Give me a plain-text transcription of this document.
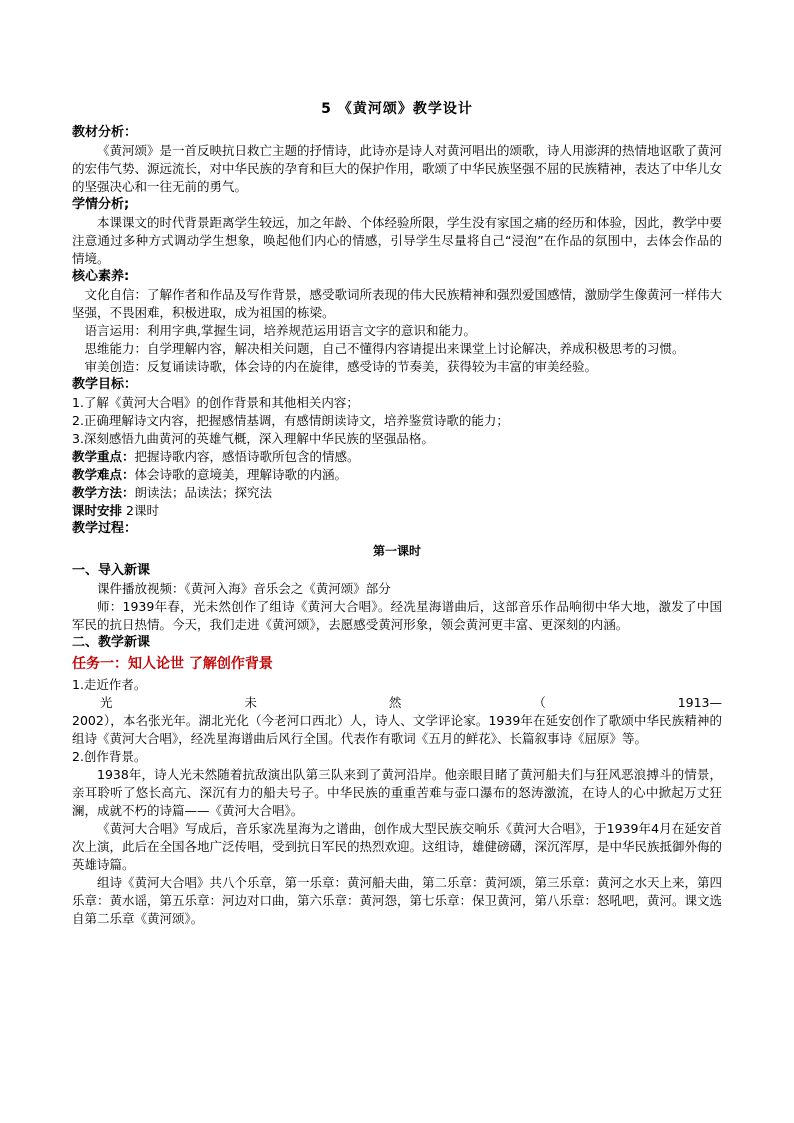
5 《黄河颂》教学设计

教材分析：

《黄河颂》是一首反映抗日救亡主题的抒情诗，此诗亦是诗人对黄河唱出的颂歌，诗人用澎湃的热情地讴歌了黄河的宏伟气势、源远流长，对中华民族的孕育和巨大的保护作用，歌颂了中华民族坚强不屈的民族精神，表达了中华儿女的坚强决心和一往无前的勇气。

学情分析;

本课课文的时代背景距离学生较远，加之年龄、个体经验所限，学生没有家国之痛的经历和体验，因此，教学中要注意通过多种方式调动学生想象，唤起他们内心的情感，引导学生尽量将自己“浸泡”在作品的氛围中，去体会作品的情境。

核心素养:

文化自信：了解作者和作品及写作背景，感受歌词所表现的伟大民族精神和强烈爱国感情，激励学生像黄河一样伟大坚强，不畏困难，积极进取，成为祖国的栋梁。

语言运用：利用字典,掌握生词，培养规范运用语言文字的意识和能力。

思维能力：自学理解内容，解决相关问题，自己不懂得内容请提出来课堂上讨论解决，养成积极思考的习惯。

审美创造：反复诵读诗歌，体会诗的内在旋律，感受诗的节奏美，获得较为丰富的审美经验。

教学目标：

1.了解《黄河大合唱》的创作背景和其他相关内容；

2.正确理解诗文内容，把握感情基调，有感情朗读诗文，培养鉴赏诗歌的能力；

3.深刻感悟九曲黄河的英雄气概，深入理解中华民族的坚强品格。

教学重点：把握诗歌内容，感悟诗歌所包含的情感。

教学难点：体会诗歌的意境美，理解诗歌的内涵。

教学方法：朗读法；品读法；探究法

课时安排 2课时

教学过程：

第一课时

一、导入新课

课件播放视频：《黄河入海》音乐会之《黄河颂》部分

师：1939年春，光未然创作了组诗《黄河大合唱》。经冼星海谱曲后，这部音乐作品响彻中华大地，激发了中国军民的抗日热情。今天，我们走进《黄河颂》，去愿感受黄河形象，领会黄河更丰富、更深刻的内涵。

二、教学新课

任务一：知人论世 了解创作背景

1.走近作者。

光	未	然	（	1913—

2002），本名张光年。湖北光化（今老河口西北）人，诗人、文学评论家。1939年在延安创作了歌颂中华民族精神的组诗《黄河大合唱》，经冼星海谱曲后风行全国。代表作有歌词《五月的鲜花》、长篇叙事诗《屈原》等。

2.创作背景。

1938年，诗人光未然随着抗敌演出队第三队来到了黄河沿岸。他亲眼目睹了黄河船夫们与狂风恶浪搏斗的情景，亲耳聆听了悠长高亢、深沉有力的船夫号子。中华民族的重重苦难与壶口瀑布的怒涛激流，在诗人的心中掀起万丈狂澜，成就不朽的诗篇——《黄河大合唱》。

《黄河大合唱》写成后，音乐家冼星海为之谱曲，创作成大型民族交响乐《黄河大合唱》，于1939年4月在延安首次上演，此后在全国各地广泛传唱，受到抗日军民的热烈欢迎。这组诗，雄健磅礴，深沉浑厚，是中华民族抵御外侮的英雄诗篇。

组诗《黄河大合唱》共八个乐章，第一乐章：黄河船夫曲，第二乐章：黄河颂，第三乐章：黄河之水天上来，第四乐章：黄水谣，第五乐章：河边对口曲，第六乐章：黄河怨，第七乐章：保卫黄河，第八乐章：怒吼吧，黄河。课文选自第二乐章《黄河颂》。
